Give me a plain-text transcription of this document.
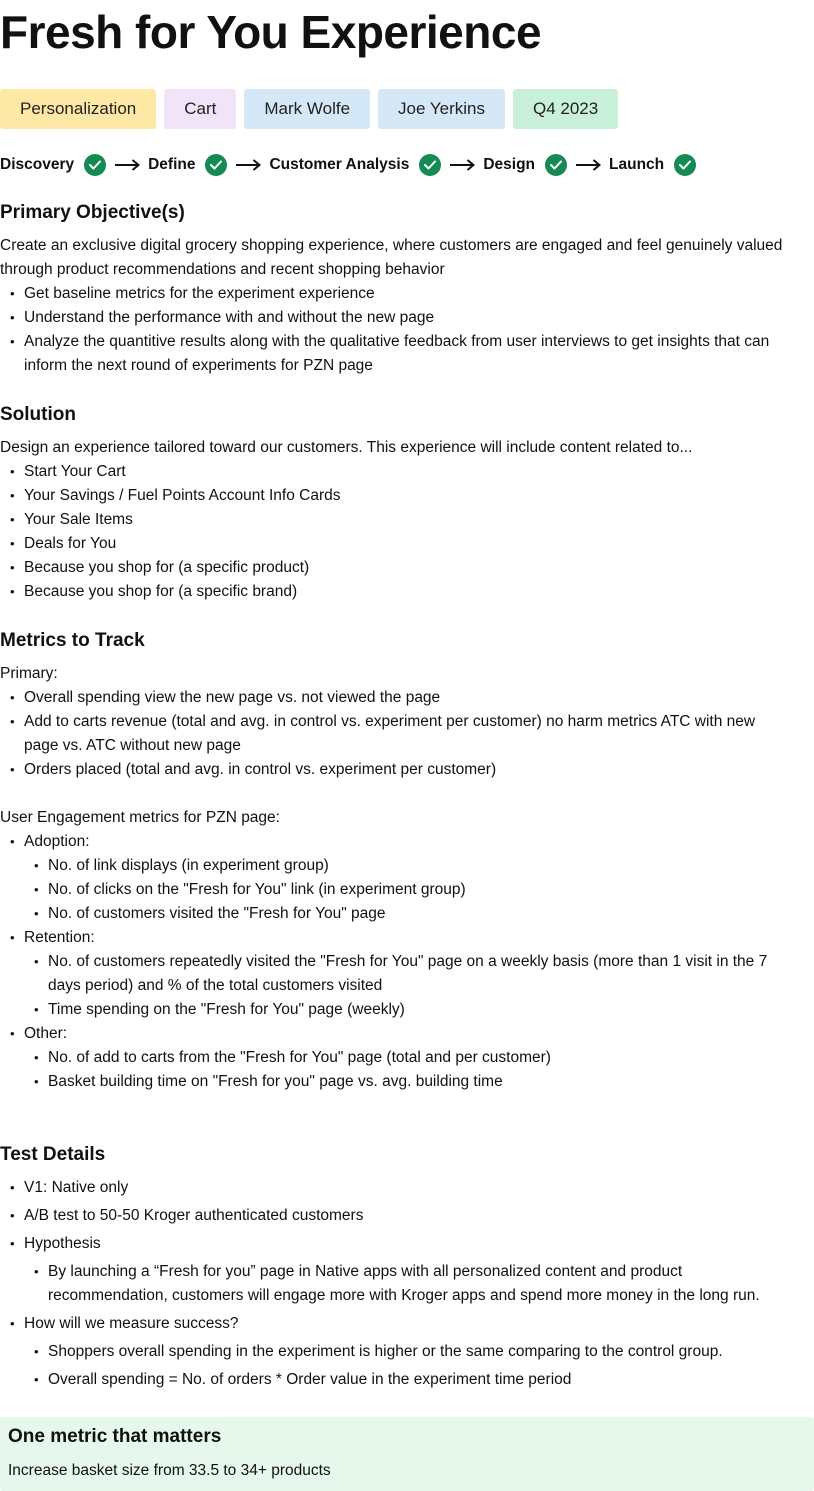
Fresh for You Experience
Personalization	Cart	Mark Wolfe	Joe Yerkins	Q4 2023
Discovery	Define	Customer Analysis	Design	Launch
Primary Objective(s)
Create an exclusive digital grocery shopping experience, where customers are engaged and feel genuinely valued
through product recommendations and recent shopping behavior
• Get baseline metrics for the experiment experience
• Understand the performance with and without the new page
• Analyze the quantitive results along with the qualitative feedback from user interviews to get insights that can
inform the next round of experiments for PZN page
Solution
Design an experience tailored toward our customers. This experience will include content related to...
• Start Your Cart
• Your Savings / Fuel Points Account Info Cards
• Your Sale Items
• Deals for You
• Because you shop for (a specific product)
• Because you shop for (a specific brand)
Metrics to Track
Primary:
• Overall spending view the new page vs. not viewed the page
• Add to carts revenue (total and avg. in control vs. experiment per customer) no harm metrics ATC with new
page vs. ATC without new page
• Orders placed (total and avg. in control vs. experiment per customer)
User Engagement metrics for PZN page:
• Adoption:
• No. of link displays (in experiment group)
• No. of clicks on the "Fresh for You" link (in experiment group)
• No. of customers visited the "Fresh for You" page
• Retention:
• No. of customers repeatedly visited the "Fresh for You" page on a weekly basis (more than 1 visit in the 7
days period) and % of the total customers visited
• Time spending on the "Fresh for You" page (weekly)
• Other:
• No. of add to carts from the "Fresh for You" page (total and per customer)
• Basket building time on "Fresh for you" page vs. avg. building time
Test Details
• V1: Native only
• A/B test to 50-50 Kroger authenticated customers
• Hypothesis
• By launching a “Fresh for you” page in Native apps with all personalized content and product
recommendation, customers will engage more with Kroger apps and spend more money in the long run.
• How will we measure success?
• Shoppers overall spending in the experiment is higher or the same comparing to the control group.
• Overall spending = No. of orders * Order value in the experiment time period
One metric that matters

Increase basket size from 33.5 to 34+ products
